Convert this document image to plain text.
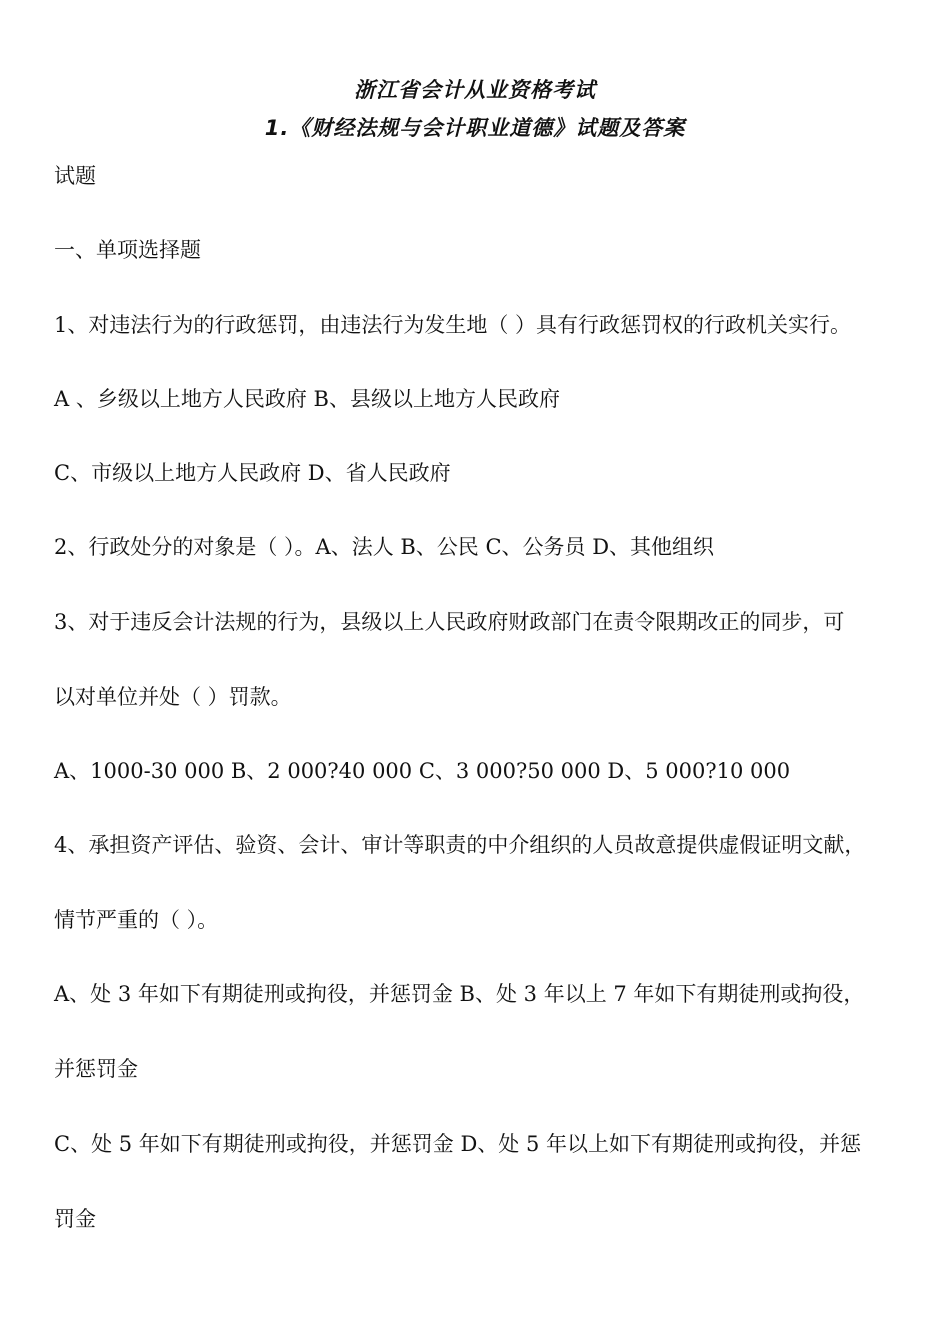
浙江省会计从业资格考试
1.《财经法规与会计职业道德》试题及答案
试题
一、单项选择题
1、对违法行为的行政惩罚，由违法行为发生地（ ）具有行政惩罚权的行政机关实行。
A 、乡级以上地方人民政府 B、县级以上地方人民政府
C、市级以上地方人民政府 D、省人民政府
2、行政处分的对象是（ ）。A、法人 B、公民 C、公务员 D、其他组织
3、对于违反会计法规的行为，县级以上人民政府财政部门在责令限期改正的同步，可
以对单位并处（ ）罚款。
A、1000-30 000 B、2 000?40 000 C、3 000?50 000 D、5 000?10 000
4、承担资产评估、验资、会计、审计等职责的中介组织的人员故意提供虚假证明文献，
情节严重的（ ）。
A、处 3 年如下有期徒刑或拘役，并惩罚金 B、处 3 年以上 7 年如下有期徒刑或拘役，
并惩罚金
C、处 5 年如下有期徒刑或拘役，并惩罚金 D、处 5 年以上如下有期徒刑或拘役，并惩
罚金
